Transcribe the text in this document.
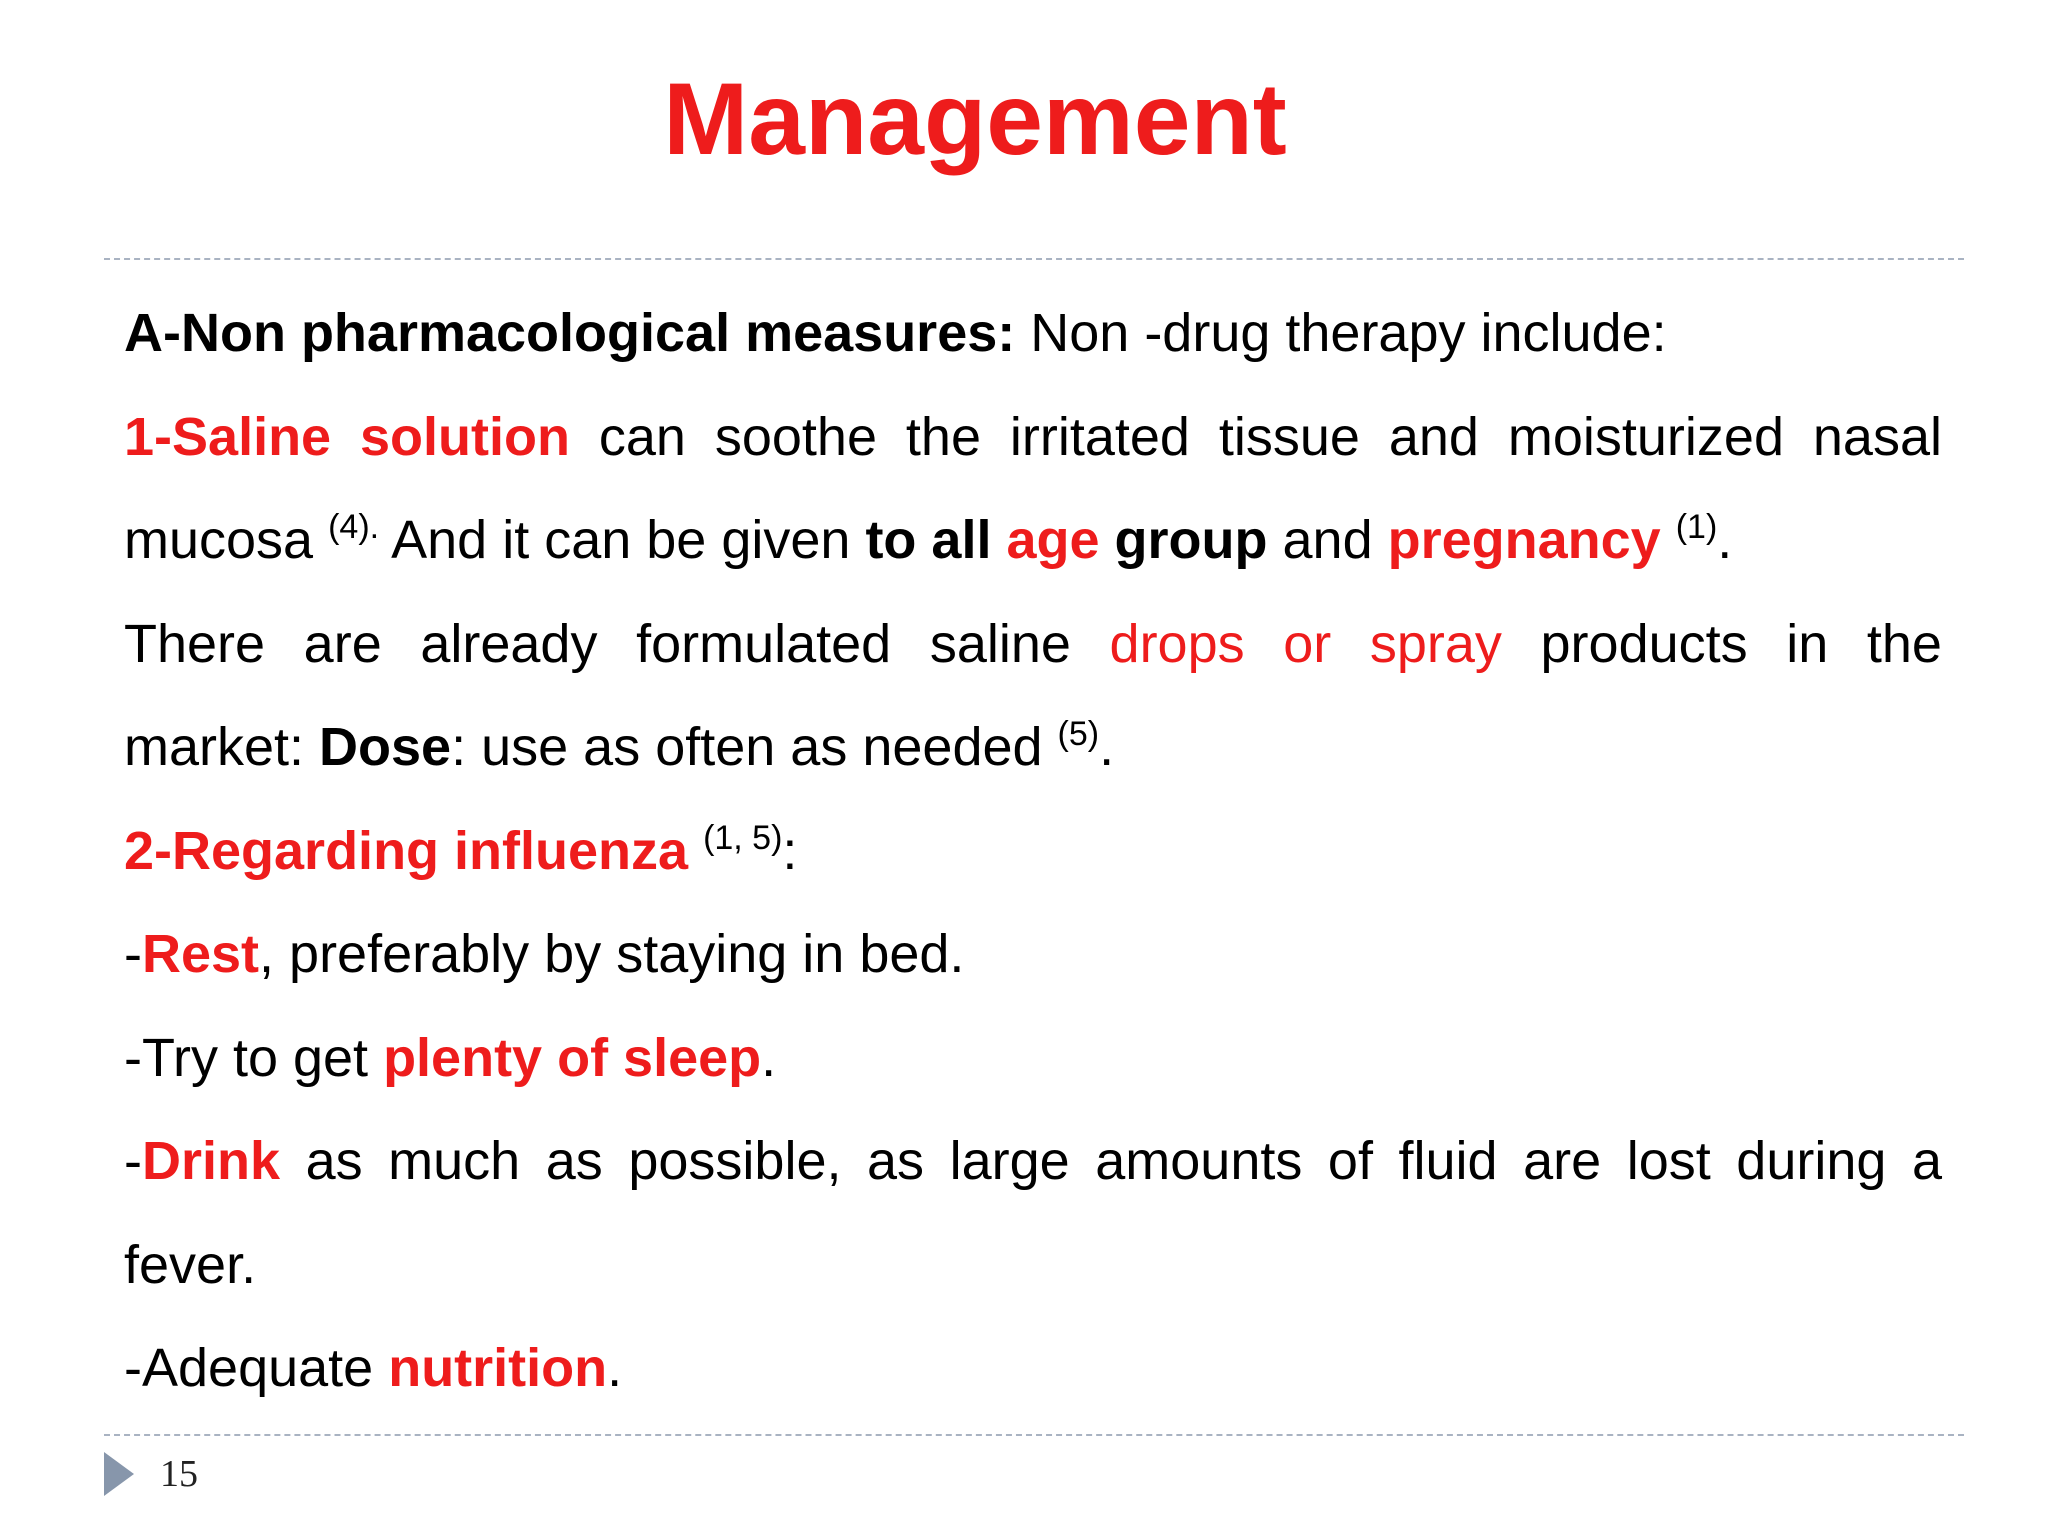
Management
A-Non pharmacological measures: Non -drug therapy include:
1-Saline solution can soothe the irritated tissue and moisturized nasal
mucosa $^{(4).}$ And it can be given to all age group and pregnancy $^{(1)}$.
There are already formulated saline drops or spray products in the
market: Dose: use as often as needed $^{(5)}$.
2-Regarding influenza $^{(1, 5)}$:
-Rest, preferably by staying in bed.
-Try to get plenty of sleep.
-Drink as much as possible, as large amounts of fluid are lost during a
fever.
-Adequate nutrition.
15
